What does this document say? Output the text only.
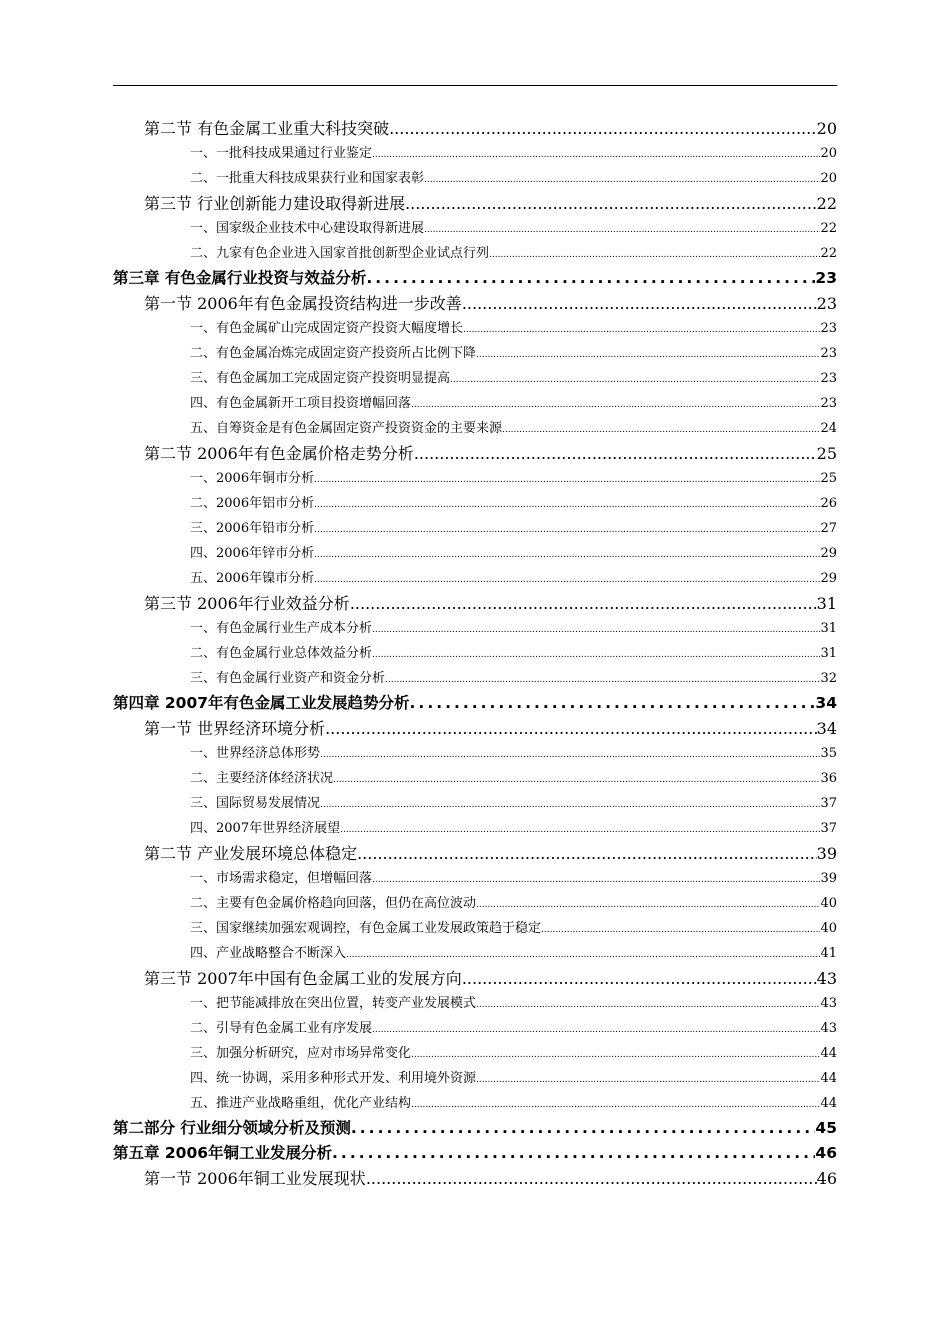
第二节 有色金属工业重大科技突破 .....	20
一、一批科技成果通过行业鉴定 .....	20
二、一批重大科技成果获行业和国家表彰 .....	20
第三节 行业创新能力建设取得新进展 .....	22
一、国家级企业技术中心建设取得新进展 .....	22
二、九家有色企业进入国家首批创新型企业试点行列 .....	22
第三章 有色金属行业投资与效益分析 .....	23
第一节 2006年有色金属投资结构进一步改善 .....	23
一、有色金属矿山完成固定资产投资大幅度增长 .....	23
二、有色金属冶炼完成固定资产投资所占比例下降 .....	23
三、有色金属加工完成固定资产投资明显提高 .....	23
四、有色金属新开工项目投资增幅回落 .....	23
五、自筹资金是有色金属固定资产投资资金的主要来源 .....	24
第二节 2006年有色金属价格走势分析 .....	25
一、2006年铜市分析 .....	25
二、2006年铝市分析 .....	26
三、2006年铅市分析 .....	27
四、2006年锌市分析 .....	29
五、2006年镍市分析 .....	29
第三节 2006年行业效益分析 .....	31
一、有色金属行业生产成本分析 .....	31
二、有色金属行业总体效益分析 .....	31
三、有色金属行业资产和资金分析 .....	32
第四章 2007年有色金属工业发展趋势分析 .....	34
第一节 世界经济环境分析 .....	34
一、世界经济总体形势 .....	35
二、主要经济体经济状况 .....	36
三、国际贸易发展情况 .....	37
四、2007年世界经济展望 .....	37
第二节 产业发展环境总体稳定 .....	39
一、市场需求稳定，但增幅回落 .....	39
二、主要有色金属价格趋向回落，但仍在高位波动 .....	40
三、国家继续加强宏观调控，有色金属工业发展政策趋于稳定 .....	40
四、产业战略整合不断深入 .....	41
第三节 2007年中国有色金属工业的发展方向 .....	43
一、把节能减排放在突出位置，转变产业发展模式 .....	43
二、引导有色金属工业有序发展 .....	43
三、加强分析研究，应对市场异常变化 .....	44
四、统一协调，采用多种形式开发、利用境外资源 .....	44
五、推进产业战略重组，优化产业结构 .....	44
第二部分 行业细分领域分析及预测 .....	45
第五章 2006年铜工业发展分析 .....	46
第一节 2006年铜工业发展现状 .....	46
